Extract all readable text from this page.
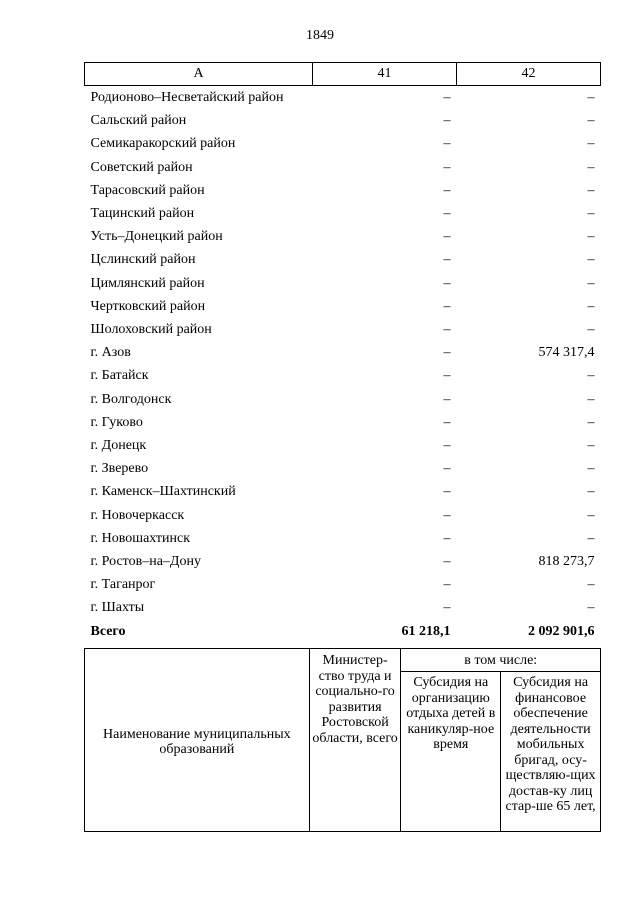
1849
А	41	42
Родионово–Несветайский район	–	–
Сальский район	–	–
Семикаракорский район	–	–
Советский район	–	–
Тарасовский район	–	–
Тацинский район	–	–
Усть–Донецкий район	–	–
Цслинский район	–	–
Цимлянский район	–	–
Чертковский район	–	–
Шолоховский район	–	–
г. Азов	–	574 317,4
г. Батайск	–	–
г. Волгодонск	–	–
г. Гуково	–	–
г. Донецк	–	–
г. Зверево	–	–
г. Каменск–Шахтинский	–	–
г. Новочеркасск	–	–
г. Новошахтинск	–	–
г. Ростов–на–Дону	–	818 273,7
г. Таганрог	–	–
г. Шахты	–	–
Всего	61 218,1	2 092 901,6
Наименование муниципальных образований	Министер-ство труда и социально-го развития Ростовской области, всего	в том числе:	
		Субсидия на организацию отдыха детей в каникуляр-ное время	Субсидия на финансовое обеспечение деятельности мобильных бригад, осу-ществляю-щих достав-ку лиц стар-ше 65 лет,
